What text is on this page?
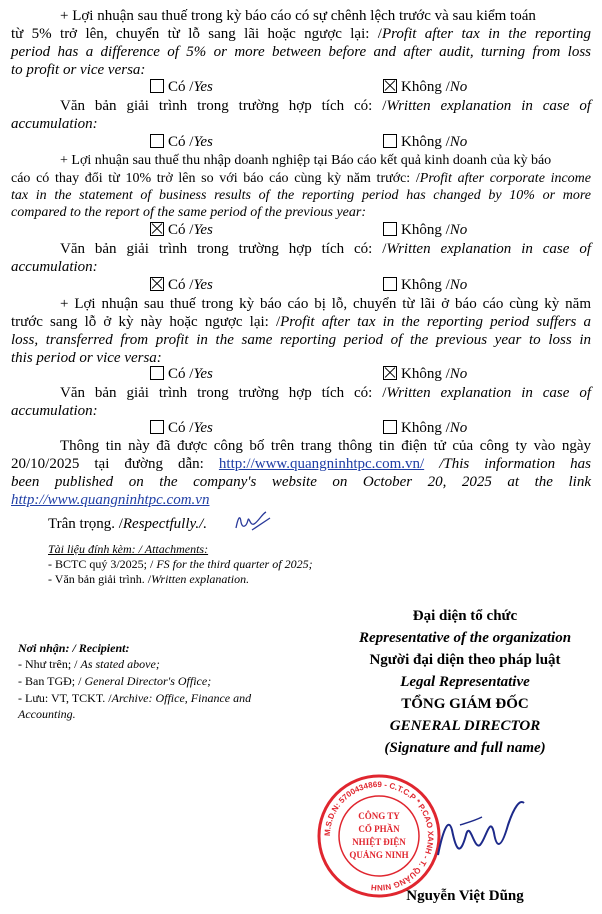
+ Lợi nhuận sau thuế trong kỳ báo cáo có sự chênh lệch trước và sau kiểm toán
từ 5% trở lên, chuyển từ lỗ sang lãi hoặc ngược lại: /Profit after tax in the reporting
period has a difference of 5% or more between before and after audit, turning from loss
to profit or vice versa:
Có /Yes	Không /No
Văn bản giải trình trong trường hợp tích có: /Written explanation in case of
accumulation:
Có /Yes	Không /No
+ Lợi nhuận sau thuế thu nhập doanh nghiệp tại Báo cáo kết quả kinh doanh của kỳ báo
cáo có thay đổi từ 10% trở lên so với báo cáo cùng kỳ năm trước: /Profit after corporate income
tax in the statement of business results of the reporting period has changed by 10% or more
compared to the report of the same period of the previous year:
Có /Yes	Không /No
Văn bản giải trình trong trường hợp tích có: /Written explanation in case of
accumulation:
Có /Yes	Không /No
+ Lợi nhuận sau thuế trong kỳ báo cáo bị lỗ, chuyển từ lãi ở báo cáo cùng kỳ năm
trước sang lỗ ở kỳ này hoặc ngược lại: /Profit after tax in the reporting period suffers a
loss, transferred from profit in the same reporting period of the previous year to loss in
this period or vice versa:
Có /Yes	Không /No
Văn bản giải trình trong trường hợp tích có: /Written explanation in case of
accumulation:
Có /Yes	Không /No
Thông tin này đã được công bố trên trang thông tin điện tử của công ty vào ngày
20/10/2025 tại đường dẫn: http://www.quangninhtpc.com.vn/ /This information has
been published on the company's website on October 20, 2025 at the link
http://www.quangninhtpc.com.vn
Trân trọng. /Respectfully./.
Tài liệu đính kèm: / Attachments:
- BCTC quý 3/2025; / FS for the third quarter of 2025;
- Văn bản giải trình. /Written explanation.
Nơi nhận: / Recipient:
- Như trên; / As stated above;
- Ban TGĐ; / General Director's Office;
- Lưu: VT, TCKT. /Archive: Office, Finance and
Accounting.
Đại diện tổ chức
Representative of the organization
Người đại diện theo pháp luật
Legal Representative
TỔNG GIÁM ĐỐC
GENERAL DIRECTOR
(Signature and full name)
M.S.D.N: 5700434869 - C.T.C.P * P.CAO XANH - T. QUẢNG NINH
CÔNG TY
CỔ PHẦN
NHIỆT ĐIỆN
QUẢNG NINH
Nguyễn Việt Dũng
